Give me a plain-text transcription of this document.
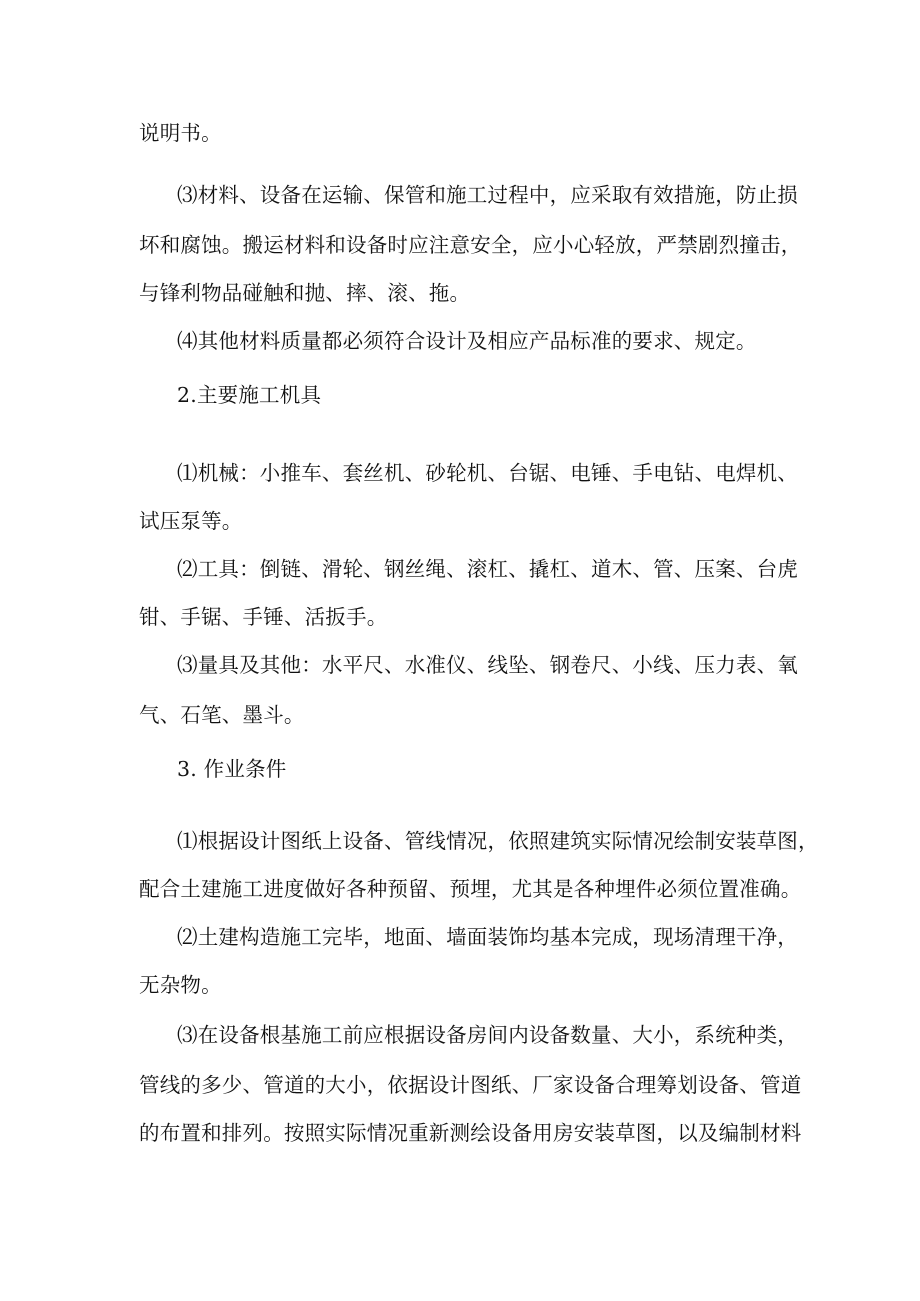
说明书。
⑶材料、设备在运输、保管和施工过程中，应采取有效措施，防止损
坏和腐蚀。搬运材料和设备时应注意安全，应小心轻放，严禁剧烈撞击，
与锋利物品碰触和抛、摔、滚、拖。
⑷其他材料质量都必须符合设计及相应产品标准的要求、规定。
2.主要施工机具
⑴机械：小推车、套丝机、砂轮机、台锯、电锤、手电钻、电焊机、
试压泵等。
⑵工具：倒链、滑轮、钢丝绳、滚杠、撬杠、道木、管、压案、台虎
钳、手锯、手锤、活扳手。
⑶量具及其他：水平尺、水准仪、线坠、钢卷尺、小线、压力表、氧
气、石笔、墨斗。
3. 作业条件
⑴根据设计图纸上设备、管线情况，依照建筑实际情况绘制安装草图，
配合土建施工进度做好各种预留、预埋，尤其是各种埋件必须位置准确。
⑵土建构造施工完毕，地面、墙面装饰均基本完成，现场清理干净，
无杂物。
⑶在设备根基施工前应根据设备房间内设备数量、大小，系统种类，
管线的多少、管道的大小，依据设计图纸、厂家设备合理筹划设备、管道
的布置和排列。按照实际情况重新测绘设备用房安装草图，以及编制材料
